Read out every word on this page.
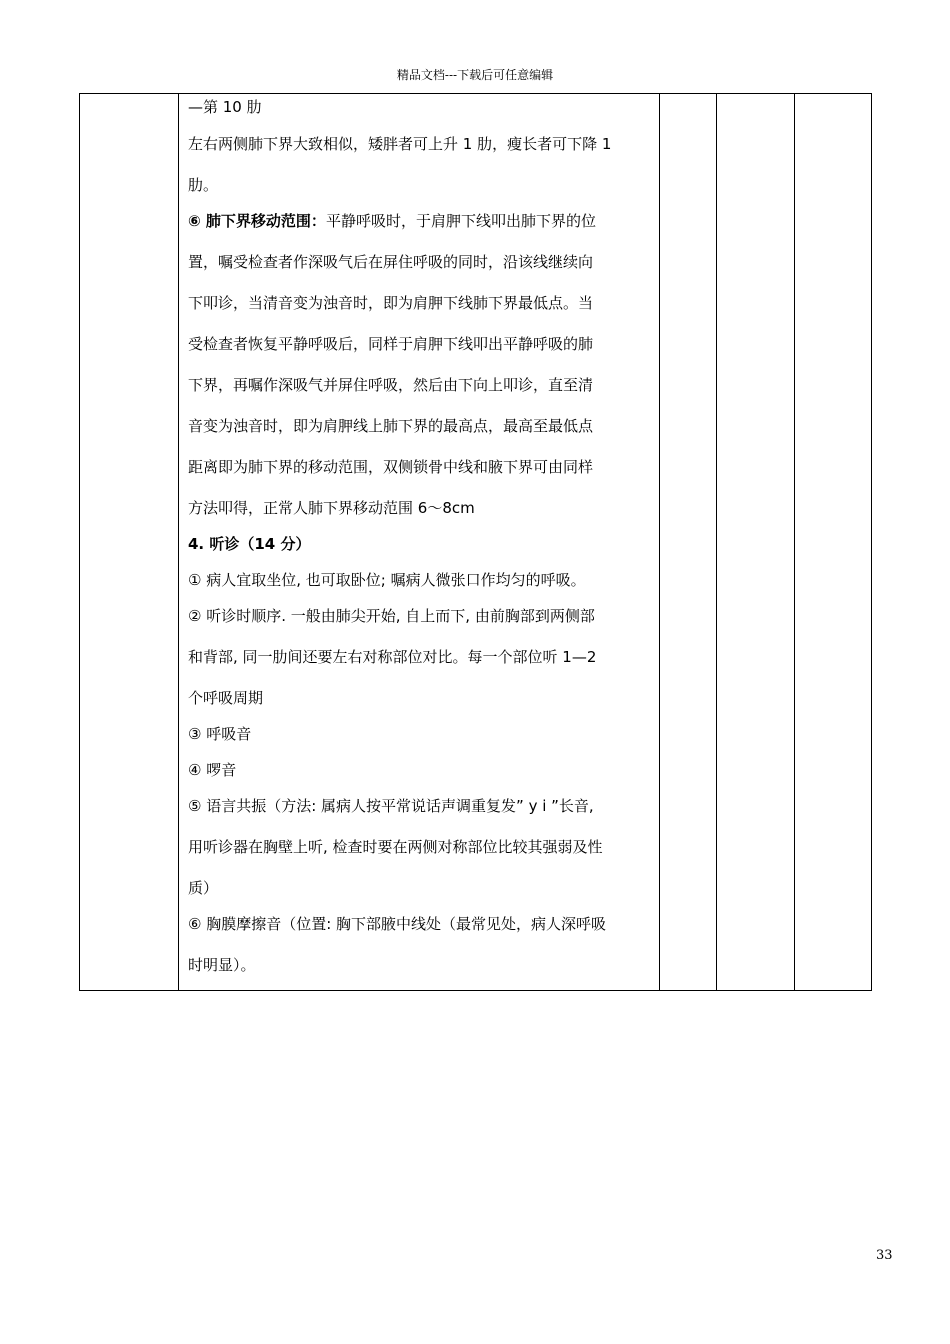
精品文档---下载后可任意编辑

—第 10 肋

左右两侧肺下界大致相似，矮胖者可上升 1 肋，瘦长者可下降 1

肋。

⑥ 肺下界移动范围：平静呼吸时，于肩胛下线叩出肺下界的位

置，嘱受检查者作深吸气后在屏住呼吸的同时，沿该线继续向

下叩诊，当清音变为浊音时，即为肩胛下线肺下界最低点。当

受检查者恢复平静呼吸后，同样于肩胛下线叩出平静呼吸的肺

下界，再嘱作深吸气并屏住呼吸，然后由下向上叩诊，直至清

音变为浊音时，即为肩胛线上肺下界的最高点，最高至最低点

距离即为肺下界的移动范围，双侧锁骨中线和腋下界可由同样

方法叩得，正常人肺下界移动范围 6～8cm

4. 听诊（14 分）

① 病人宜取坐位, 也可取卧位; 嘱病人微张口作均匀的呼吸。

② 听诊时顺序. 一般由肺尖开始, 自上而下, 由前胸部到两侧部

和背部, 同一肋间还要左右对称部位对比。每一个部位听 1—2

个呼吸周期

③ 呼吸音

④ 啰音

⑤ 语言共振（方法: 属病人按平常说话声调重复发” y i ”长音,

用听诊器在胸壁上听, 检查时要在两侧对称部位比较其强弱及性

质）

⑥ 胸膜摩擦音（位置: 胸下部腋中线处（最常见处，病人深呼吸

时明显）。

33
